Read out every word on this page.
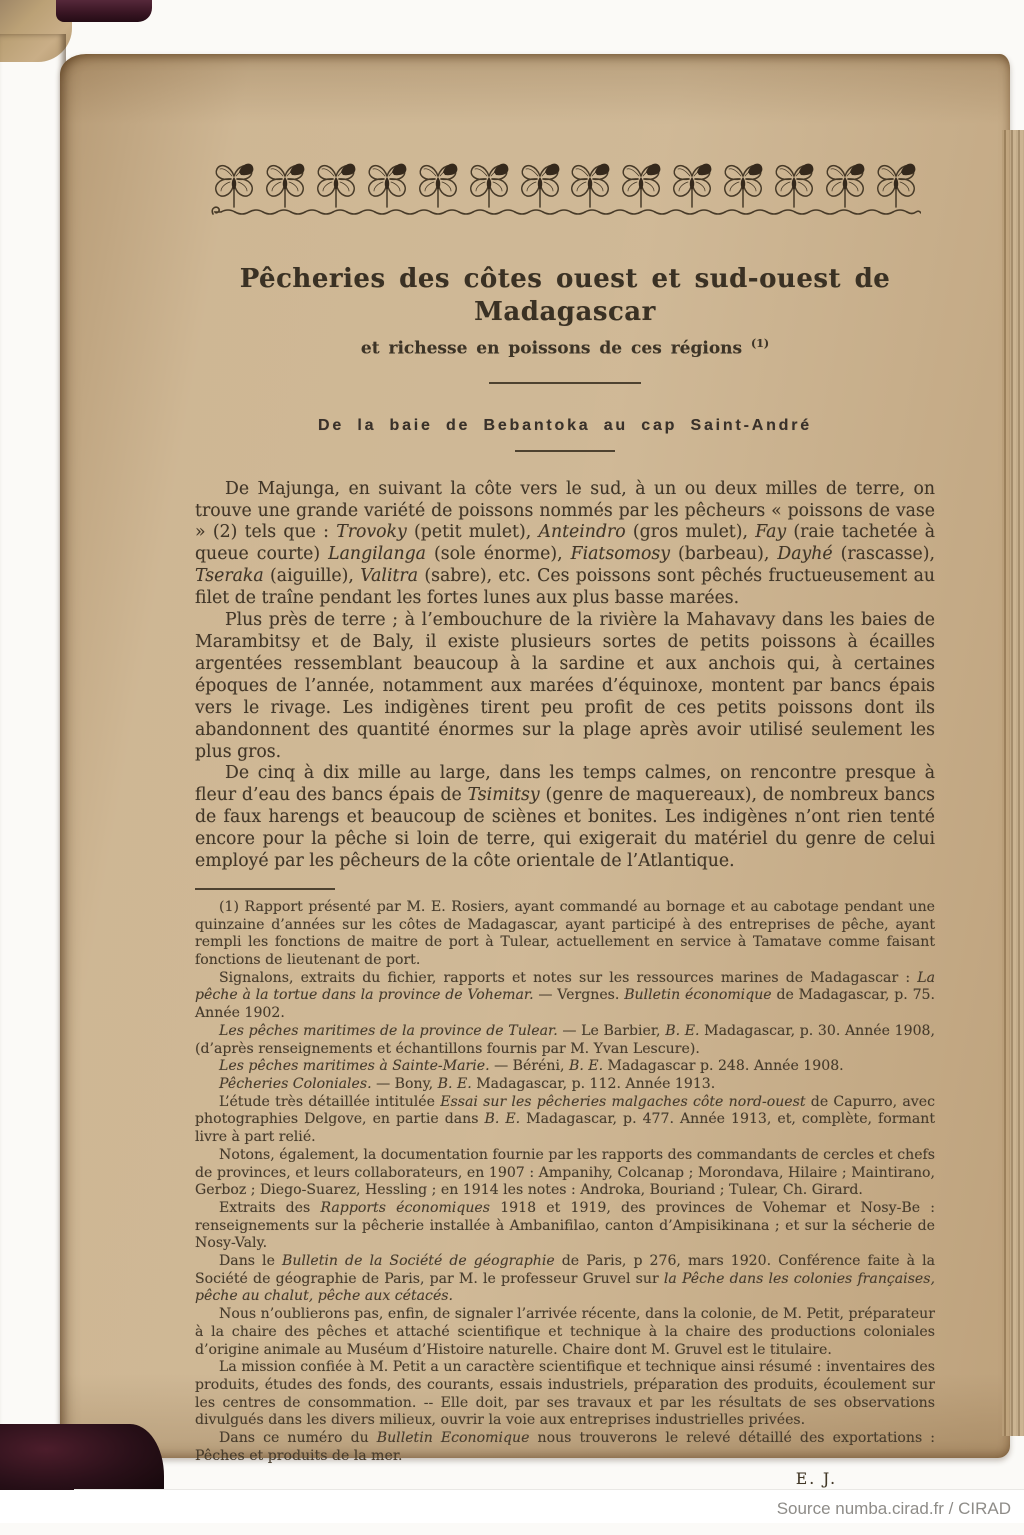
Pêcheries des côtes ouest et sud-ouest de Madagascar
et richesse en poissons de ces régions $^{(1)}$
De la baie de Bebantoka au cap Saint-André

De Majunga, en suivant la côte vers le sud, à un ou deux milles de terre, on trouve une grande variété de poissons nommés par les pêcheurs « poissons de vase » (2) tels que : Trovoky (petit mulet), Anteindro (gros mulet), Fay (raie tachetée à queue courte) Langilanga (sole énorme), Fiatsomosy (barbeau), Dayhé (rascasse), Tseraka (aiguille), Valitra (sabre), etc. Ces poissons sont pêchés fructueusement au filet de traîne pendant les fortes lunes aux plus basse marées.

Plus près de terre ; à l’embouchure de la rivière la Mahavavy dans les baies de Marambitsy et de Baly, il existe plusieurs sortes de petits poissons à écailles argentées ressemblant beaucoup à la sardine et aux anchois qui, à certaines époques de l’année, notamment aux marées d’équinoxe, montent par bancs épais vers le rivage. Les indigènes tirent peu profit de ces petits poissons dont ils abandonnent des quantité énormes sur la plage après avoir utilisé seulement les plus gros.

De cinq à dix mille au large, dans les temps calmes, on rencontre presque à fleur d’eau des bancs épais de Tsimitsy (genre de maquereaux), de nombreux bancs de faux harengs et beaucoup de sciènes et bonites. Les indigènes n’ont rien tenté encore pour la pêche si loin de terre, qui exigerait du matériel du genre de celui employé par les pêcheurs de la côte orientale de l’Atlantique.

(1) Rapport présenté par M. E. Rosiers, ayant commandé au bornage et au cabotage pendant une quinzaine d’années sur les côtes de Madagascar, ayant participé à des entreprises de pêche, ayant rempli les fonctions de maitre de port à Tulear, actuellement en service à Tamatave comme faisant fonctions de lieutenant de port.

Signalons, extraits du fichier, rapports et notes sur les ressources marines de Madagascar : La pêche à la tortue dans la province de Vohemar. — Vergnes. Bulletin économique de Madagascar, p. 75. Année 1902.

Les pêches maritimes de la province de Tulear. — Le Barbier, B. E. Madagascar, p. 30. Année 1908, (d’après renseignements et échantillons fournis par M. Yvan Lescure).

Les pêches maritimes à Sainte-Marie. — Béréni, B. E. Madagascar p. 248. Année 1908.

Pêcheries Coloniales. — Bony, B. E. Madagascar, p. 112. Année 1913.

L’étude très détaillée intitulée Essai sur les pêcheries malgaches côte nord-ouest de Capurro, avec photographies Delgove, en partie dans B. E. Madagascar, p. 477. Année 1913, et, complète, formant livre à part relié.

Notons, également, la documentation fournie par les rapports des commandants de cercles et chefs de provinces, et leurs collaborateurs, en 1907 : Ampanihy, Colcanap ; Morondava, Hilaire ; Maintirano, Gerboz ; Diego-Suarez, Hessling ; en 1914 les notes : Androka, Bouriand ; Tulear, Ch. Girard.

Extraits des Rapports économiques 1918 et 1919, des provinces de Vohemar et Nosy-Be : renseignements sur la pêcherie installée à Ambanifilao, canton d’Ampisikinana ; et sur la sécherie de Nosy-Valy.

Dans le Bulletin de la Société de géographie de Paris, p 276, mars 1920. Conférence faite à la Société de géographie de Paris, par M. le professeur Gruvel sur la Pêche dans les colonies françaises, pêche au chalut, pêche aux cétacés.

Nous n’oublierons pas, enfin, de signaler l’arrivée récente, dans la colonie, de M. Petit, préparateur à la chaire des pêches et attaché scientifique et technique à la chaire des productions coloniales d’origine animale au Muséum d’Histoire naturelle. Chaire dont M. Gruvel est le titulaire.

La mission confiée à M. Petit a un caractère scientifique et technique ainsi résumé : inventaires des produits, études des fonds, des courants, essais industriels, préparation des produits, écoulement sur les centres de consommation. -- Elle doit, par ses travaux et par les résultats de ses observations divulgués dans les divers milieux, ouvrir la voie aux entreprises industrielles privées.

Dans ce numéro du Bulletin Economique nous trouverons le relevé détaillé des exportations : Pêches et produits de la mer.

E. J.

Source numba.cirad.fr / CIRAD
